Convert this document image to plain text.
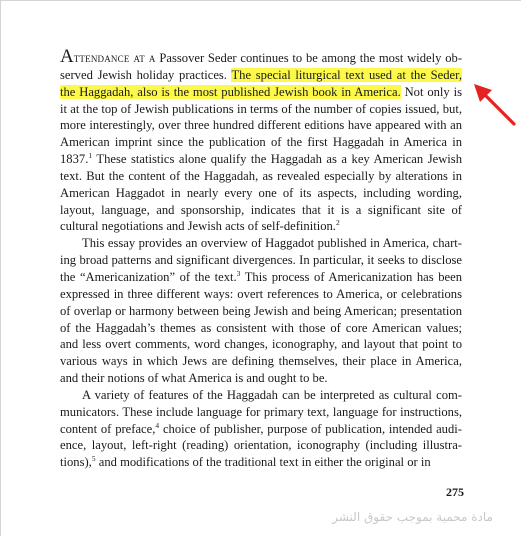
Attendance at a Passover Seder continues to be among the most widely observed Jewish holiday practices. The special liturgical text used at the Seder, the Haggadah, also is the most published Jewish book in America. Not only is it at the top of Jewish publications in terms of the number of copies issued, but, more interestingly, over three hundred different editions have appeared with an American imprint since the publication of the first Haggadah in America in 1837.$^1$ These statistics alone qualify the Haggadah as a key American Jewish text. But the content of the Haggadah, as revealed especially by alterations in American Haggadot in nearly every one of its aspects, including wording, layout, language, and sponsorship, indicates that it is a significant site of cultural negotiations and Jewish acts of self-definition.$^2$

This essay provides an overview of Haggadot published in America, charting broad patterns and significant divergences. In particular, it seeks to disclose the “Americanization” of the text.$^3$ This process of Americanization has been expressed in three different ways: overt references to America, or celebrations of overlap or harmony between being Jewish and being American; presentation of the Haggadah’s themes as consistent with those of core American values; and less overt comments, word changes, iconography, and layout that point to various ways in which Jews are defining themselves, their place in America, and their notions of what America is and ought to be.

A variety of features of the Haggadah can be interpreted as cultural communicators. These include language for primary text, language for instructions, content of preface,$^4$ choice of publisher, purpose of publication, intended audience, layout, left-right (reading) orientation, iconography (including illustrations),$^5$ and modifications of the traditional text in either the original or in

275
مادة محمية بموجب حقوق النشر
